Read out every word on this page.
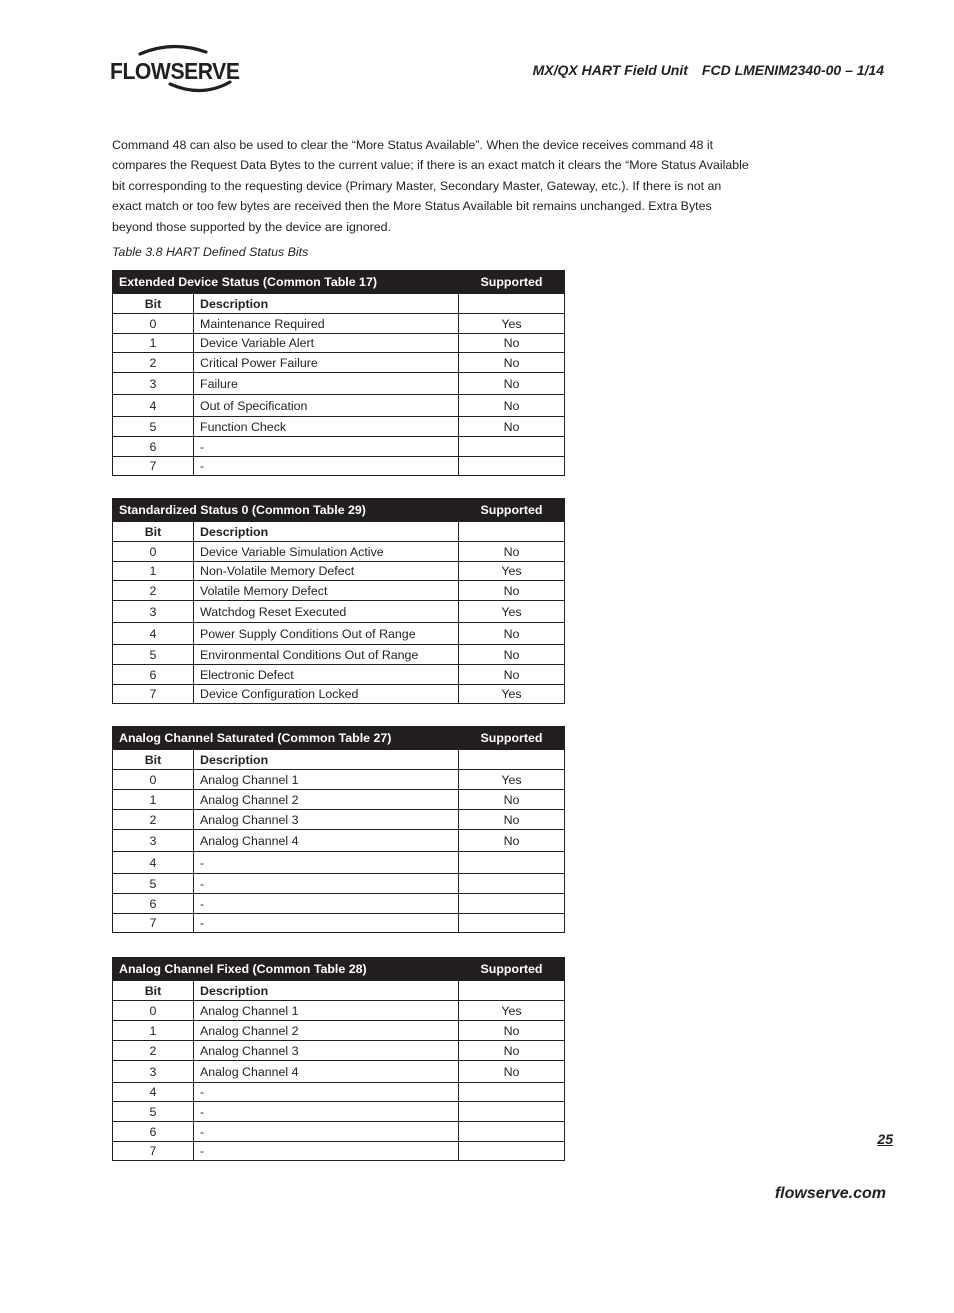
FLOWSERVE	MX/QX HART Field Unit FCD LMENIM2340-00 – 1/14

Command 48 can also be used to clear the “More Status Available”. When the device receives command 48 it compares the Request Data Bytes to the current value; if there is an exact match it clears the “More Status Available bit corresponding to the requesting device (Primary Master, Secondary Master, Gateway, etc.). If there is not an exact match or too few bytes are received then the More Status Available bit remains unchanged. Extra Bytes beyond those supported by the device are ignored.

Table 3.8 HART Defined Status Bits
Extended Device Status (Common Table 17)		Supported
Bit	Description	
0	Maintenance Required	Yes
1	Device Variable Alert	No
2	Critical Power Failure	No
3	Failure	No
4	Out of Specification	No
5	Function Check	No
6	-	
7	-	
Standardized Status 0 (Common Table 29)		Supported
Bit	Description	
0	Device Variable Simulation Active	No
1	Non-Volatile Memory Defect	Yes
2	Volatile Memory Defect	No
3	Watchdog Reset Executed	Yes
4	Power Supply Conditions Out of Range	No
5	Environmental Conditions Out of Range	No
6	Electronic Defect	No
7	Device Configuration Locked	Yes
Analog Channel Saturated (Common Table 27)		Supported
Bit	Description	
0	Analog Channel 1	Yes
1	Analog Channel 2	No
2	Analog Channel 3	No
3	Analog Channel 4	No
4	-	
5	-	
6	-	
7	-	
Analog Channel Fixed (Common Table 28)		Supported
Bit	Description	
0	Analog Channel 1	Yes
1	Analog Channel 2	No
2	Analog Channel 3	No
3	Analog Channel 4	No
4	-	
5	-	
6	-	
7	-	
25
flowserve.com
